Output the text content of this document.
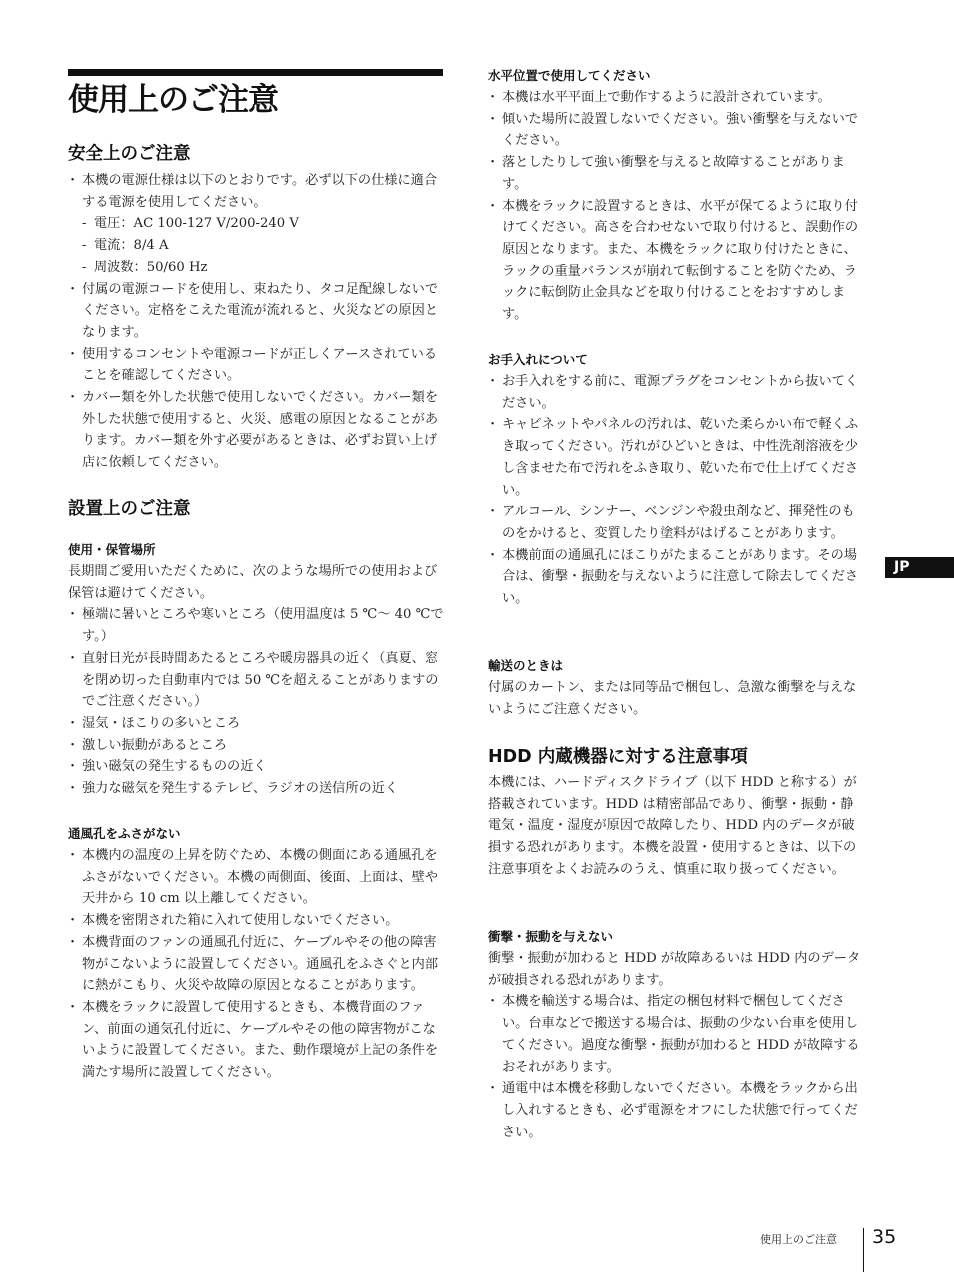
使用上のご注意
安全上のご注意
・ 本機の電源仕様は以下のとおりです。必ず以下の仕様に適合する電源を使用してください。
- 電圧：AC 100-127 V/200-240 V
- 電流：8/4 A
- 周波数：50/60 Hz
・ 付属の電源コードを使用し、束ねたり、タコ足配線しないでください。定格をこえた電流が流れると、火災などの原因となります。
・ 使用するコンセントや電源コードが正しくアースされていることを確認してください。
・ カバー類を外した状態で使用しないでください。カバー類を外した状態で使用すると、火災、感電の原因となることがあります。カバー類を外す必要があるときは、必ずお買い上げ店に依頼してください。
設置上のご注意
使用・保管場所

長期間ご愛用いただくために、次のような場所での使用および保管は避けてください。

・ 極端に暑いところや寒いところ（使用温度は 5 ℃〜 40 ℃です。）
・ 直射日光が長時間あたるところや暖房器具の近く（真夏、窓を閉め切った自動車内では 50 ℃を超えることがありますのでご注意ください。）
・ 湿気・ほこりの多いところ
・ 激しい振動があるところ
・ 強い磁気の発生するものの近く
・ 強力な磁気を発生するテレビ、ラジオの送信所の近く
通風孔をふさがない
・ 本機内の温度の上昇を防ぐため、本機の側面にある通風孔をふさがないでください。本機の両側面、後面、上面は、壁や天井から 10 cm 以上離してください。
・ 本機を密閉された箱に入れて使用しないでください。
・ 本機背面のファンの通風孔付近に、ケーブルやその他の障害物がこないように設置してください。通風孔をふさぐと内部に熱がこもり、火災や故障の原因となることがあります。
・ 本機をラックに設置して使用するときも、本機背面のファン、前面の通気孔付近に、ケーブルやその他の障害物がこないように設置してください。また、動作環境が上記の条件を満たす場所に設置してください。
水平位置で使用してください
・ 本機は水平平面上で動作するように設計されています。
・ 傾いた場所に設置しないでください。強い衝撃を与えないでください。
・ 落としたりして強い衝撃を与えると故障することがあります。
・ 本機をラックに設置するときは、水平が保てるように取り付けてください。高さを合わせないで取り付けると、誤動作の原因となります。また、本機をラックに取り付けたときに、ラックの重量バランスが崩れて転倒することを防ぐため、ラックに転倒防止金具などを取り付けることをおすすめします。
お手入れについて
・ お手入れをする前に、電源プラグをコンセントから抜いてください。
・ キャビネットやパネルの汚れは、乾いた柔らかい布で軽くふき取ってください。汚れがひどいときは、中性洗剤溶液を少し含ませた布で汚れをふき取り、乾いた布で仕上げてください。
・ アルコール、シンナー、ベンジンや殺虫剤など、揮発性のものをかけると、変質したり塗料がはげることがあります。
・ 本機前面の通風孔にほこりがたまることがあります。その場合は、衝撃・振動を与えないように注意して除去してください。
輸送のときは

付属のカートン、または同等品で梱包し、急激な衝撃を与えないようにご注意ください。

HDD 内蔵機器に対する注意事項

本機には、ハードディスクドライブ（以下 HDD と称する）が搭載されています。HDD は精密部品であり、衝撃・振動・静電気・温度・湿度が原因で故障したり、HDD 内のデータが破損する恐れがあります。本機を設置・使用するときは、以下の注意事項をよくお読みのうえ、慎重に取り扱ってください。

衝撃・振動を与えない

衝撃・振動が加わると HDD が故障あるいは HDD 内のデータが破損される恐れがあります。

・ 本機を輸送する場合は、指定の梱包材料で梱包してください。台車などで搬送する場合は、振動の少ない台車を使用してください。過度な衝撃・振動が加わると HDD が故障するおそれがあります。
・ 通電中は本機を移動しないでください。本機をラックから出し入れするときも、必ず電源をオフにした状態で行ってください。
JP
使用上のご注意 35
